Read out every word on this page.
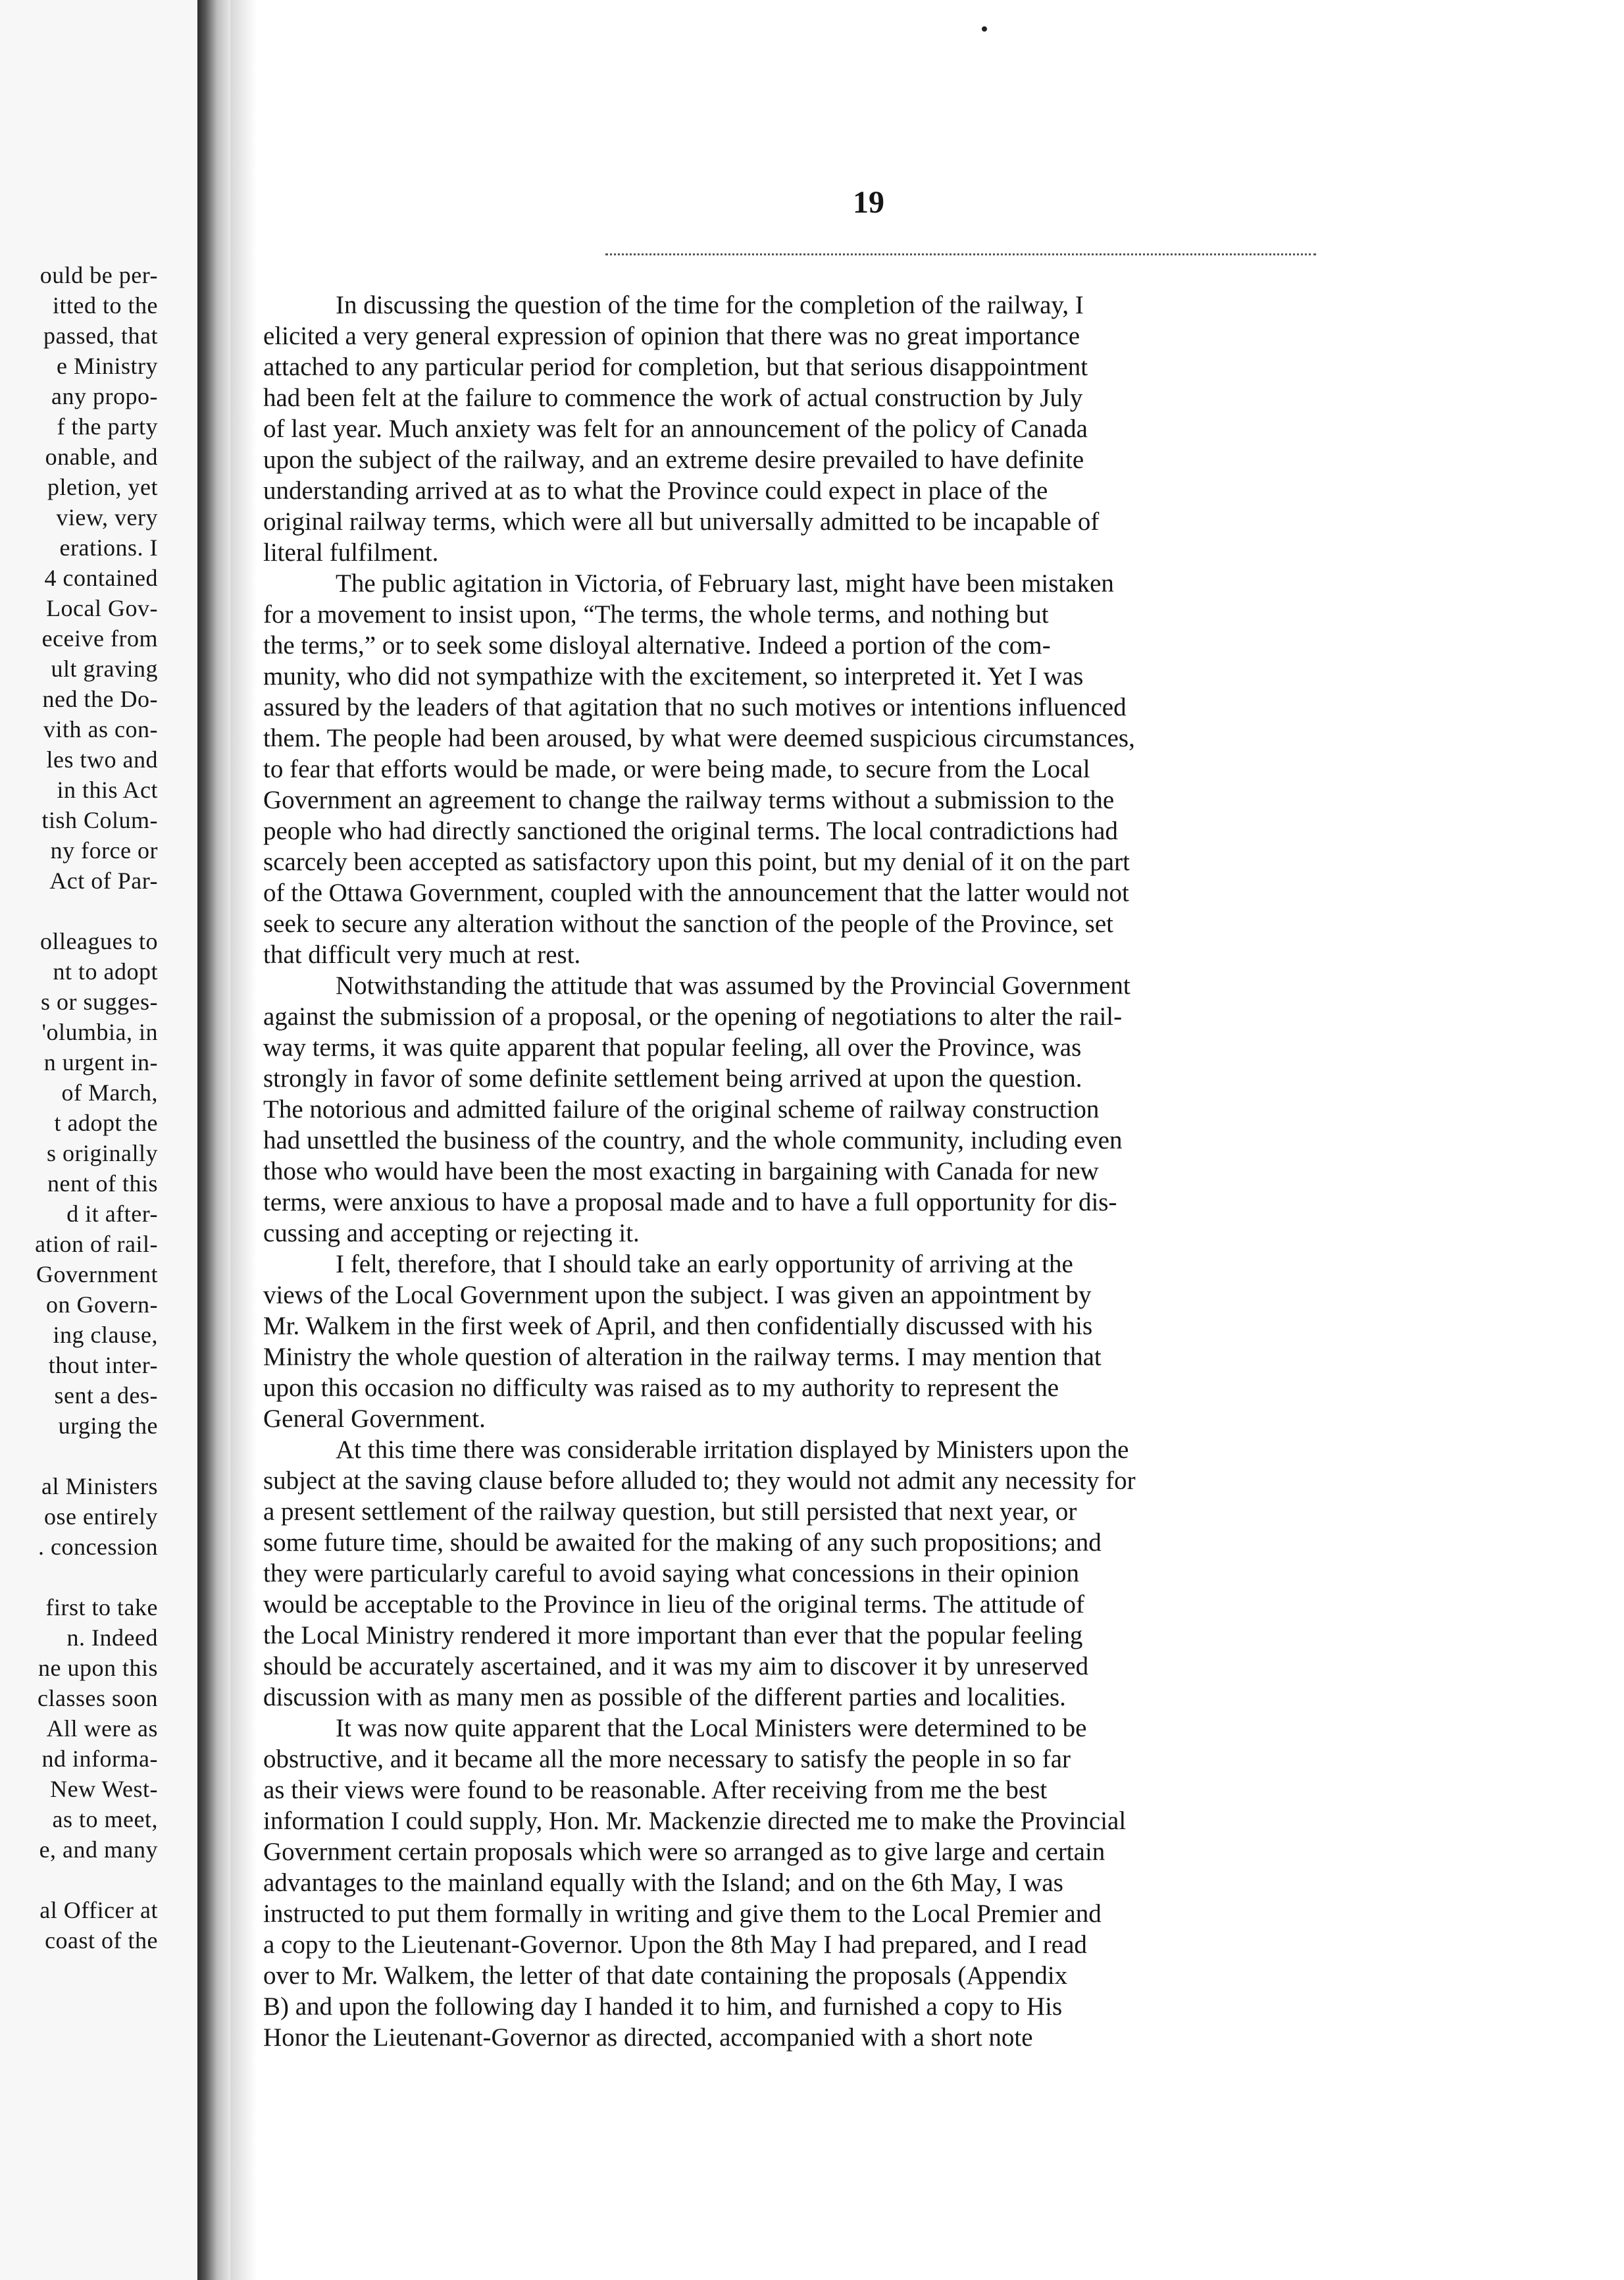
ould be per-
itted to the
passed, that
e Ministry
any propo-
f the party
onable, and
pletion, yet
view, very
erations. I
4 contained
Local Gov-
eceive from
ult graving
ned the Do-
vith as con-
les two and
in this Act
tish Colum-
ny force or
Act of Par-
olleagues to
nt to adopt
s or sugges-
'olumbia, in
n urgent in-
of March,
t adopt the
s originally
nent of this
d it after-
ation of rail-
Government
on Govern-
ing clause,
thout inter-
sent a des-
urging the
al Ministers
ose entirely
. concession
first to take
n. Indeed
ne upon this
classes soon
All were as
nd informa-
New West-
as to meet,
e, and many
al Officer at
coast of the
19
In discussing the question of the time for the completion of the railway, I
elicited a very general expression of opinion that there was no great importance
attached to any particular period for completion, but that serious disappointment
had been felt at the failure to commence the work of actual construction by July
of last year. Much anxiety was felt for an announcement of the policy of Canada
upon the subject of the railway, and an extreme desire prevailed to have definite
understanding arrived at as to what the Province could expect in place of the
original railway terms, which were all but universally admitted to be incapable of
literal fulfilment.
The public agitation in Victoria, of February last, might have been mistaken
for a movement to insist upon, “The terms, the whole terms, and nothing but
the terms,” or to seek some disloyal alternative. Indeed a portion of the com-
munity, who did not sympathize with the excitement, so interpreted it. Yet I was
assured by the leaders of that agitation that no such motives or intentions influenced
them. The people had been aroused, by what were deemed suspicious circumstances,
to fear that efforts would be made, or were being made, to secure from the Local
Government an agreement to change the railway terms without a submission to the
people who had directly sanctioned the original terms. The local contradictions had
scarcely been accepted as satisfactory upon this point, but my denial of it on the part
of the Ottawa Government, coupled with the announcement that the latter would not
seek to secure any alteration without the sanction of the people of the Province, set
that difficult very much at rest.
Notwithstanding the attitude that was assumed by the Provincial Government
against the submission of a proposal, or the opening of negotiations to alter the rail-
way terms, it was quite apparent that popular feeling, all over the Province, was
strongly in favor of some definite settlement being arrived at upon the question.
The notorious and admitted failure of the original scheme of railway construction
had unsettled the business of the country, and the whole community, including even
those who would have been the most exacting in bargaining with Canada for new
terms, were anxious to have a proposal made and to have a full opportunity for dis-
cussing and accepting or rejecting it.
I felt, therefore, that I should take an early opportunity of arriving at the
views of the Local Government upon the subject. I was given an appointment by
Mr. Walkem in the first week of April, and then confidentially discussed with his
Ministry the whole question of alteration in the railway terms. I may mention that
upon this occasion no difficulty was raised as to my authority to represent the
General Government.
At this time there was considerable irritation displayed by Ministers upon the
subject at the saving clause before alluded to; they would not admit any necessity for
a present settlement of the railway question, but still persisted that next year, or
some future time, should be awaited for the making of any such propositions; and
they were particularly careful to avoid saying what concessions in their opinion
would be acceptable to the Province in lieu of the original terms. The attitude of
the Local Ministry rendered it more important than ever that the popular feeling
should be accurately ascertained, and it was my aim to discover it by unreserved
discussion with as many men as possible of the different parties and localities.
It was now quite apparent that the Local Ministers were determined to be
obstructive, and it became all the more necessary to satisfy the people in so far
as their views were found to be reasonable. After receiving from me the best
information I could supply, Hon. Mr. Mackenzie directed me to make the Provincial
Government certain proposals which were so arranged as to give large and certain
advantages to the mainland equally with the Island; and on the 6th May, I was
instructed to put them formally in writing and give them to the Local Premier and
a copy to the Lieutenant-Governor. Upon the 8th May I had prepared, and I read
over to Mr. Walkem, the letter of that date containing the proposals (Appendix
B) and upon the following day I handed it to him, and furnished a copy to His
Honor the Lieutenant-Governor as directed, accompanied with a short note
